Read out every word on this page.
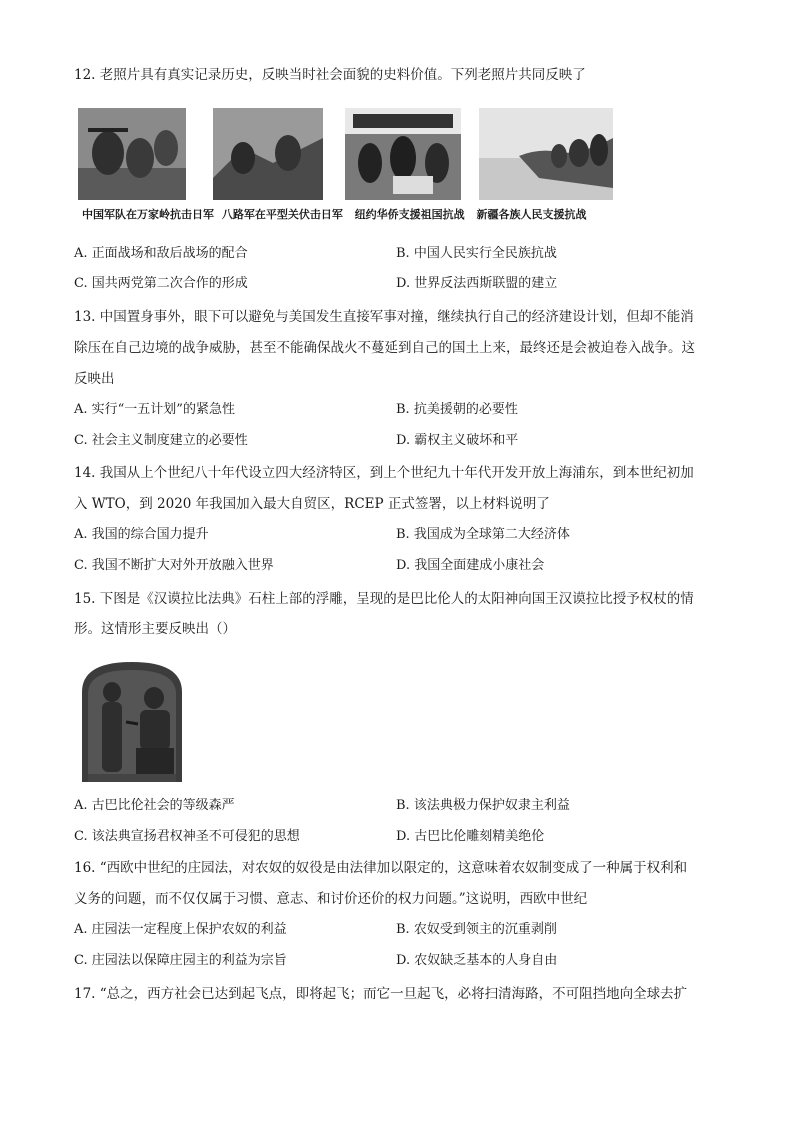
12. 老照片具有真实记录历史，反映当时社会面貌的史料价值。下列老照片共同反映了
中国军队在万家岭抗击日军 八路军在平型关伏击日军 纽约华侨支援祖国抗战 新疆各族人民支援抗战
A. 正面战场和敌后战场的配合	B. 中国人民实行全民族抗战
C. 国共两党第二次合作的形成	D. 世界反法西斯联盟的建立
13. 中国置身事外，眼下可以避免与美国发生直接军事对撞，继续执行自己的经济建设计划，但却不能消
除压在自己边境的战争威胁，甚至不能确保战火不蔓延到自己的国土上来，最终还是会被迫卷入战争。这
反映出
A. 实行“一五计划”的紧急性	B. 抗美援朝的必要性
C. 社会主义制度建立的必要性	D. 霸权主义破坏和平
14. 我国从上个世纪八十年代设立四大经济特区，到上个世纪九十年代开发开放上海浦东，到本世纪初加
入 WTO，到 2020 年我国加入最大自贸区，RCEP 正式签署，以上材料说明了
A. 我国的综合国力提升	B. 我国成为全球第二大经济体
C. 我国不断扩大对外开放融入世界	D. 我国全面建成小康社会
15. 下图是《汉谟拉比法典》石柱上部的浮雕，呈现的是巴比伦人的太阳神向国王汉谟拉比授予权杖的情
形。这情形主要反映出（）
A. 古巴比伦社会的等级森严	B. 该法典极力保护奴隶主利益
C. 该法典宣扬君权神圣不可侵犯的思想	D. 古巴比伦雕刻精美绝伦
16. “西欧中世纪的庄园法，对农奴的奴役是由法律加以限定的，这意味着农奴制变成了一种属于权利和
义务的问题，而不仅仅属于习惯、意志、和讨价还价的权力问题。”这说明，西欧中世纪
A. 庄园法一定程度上保护农奴的利益	B. 农奴受到领主的沉重剥削
C. 庄园法以保障庄园主的利益为宗旨	D. 农奴缺乏基本的人身自由
17. “总之，西方社会已达到起飞点，即将起飞；而它一旦起飞，必将扫清海路，不可阻挡地向全球去扩
